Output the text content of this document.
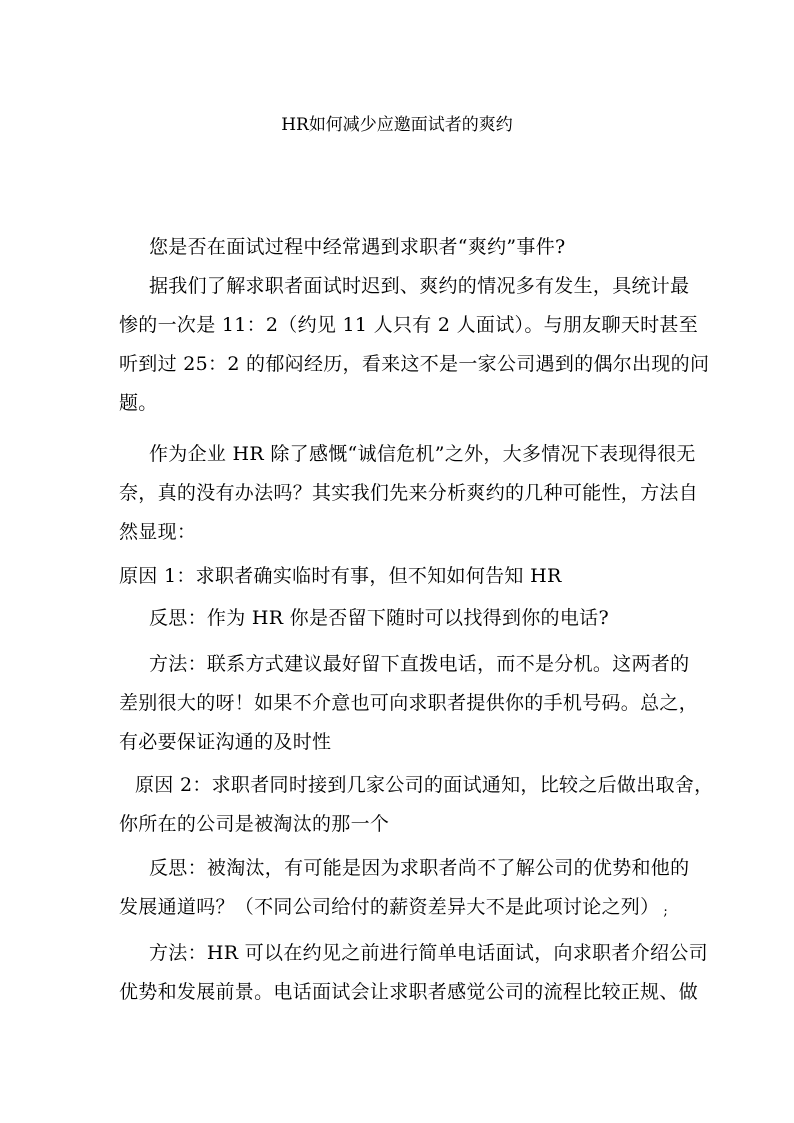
HR如何减少应邀面试者的爽约
您是否在面试过程中经常遇到求职者“爽约”事件?
据我们了解求职者面试时迟到、爽约的情况多有发生，具统计最
惨的一次是 11：2（约见 11 人只有 2 人面试）。与朋友聊天时甚至
听到过 25：2 的郁闷经历，看来这不是一家公司遇到的偶尔出现的问
题。
作为企业 HR 除了感慨“诚信危机”之外，大多情况下表现得很无
奈，真的没有办法吗？其实我们先来分析爽约的几种可能性，方法自
然显现：
原因 1：求职者确实临时有事，但不知如何告知 HR
反思：作为 HR 你是否留下随时可以找得到你的电话?
方法：联系方式建议最好留下直拨电话，而不是分机。这两者的
差别很大的呀！如果不介意也可向求职者提供你的手机号码。总之，
有必要保证沟通的及时性
原因 2：求职者同时接到几家公司的面试通知，比较之后做出取舍，
你所在的公司是被淘汰的那一个
反思：被淘汰，有可能是因为求职者尚不了解公司的优势和他的
发展通道吗？（不同公司给付的薪资差异大不是此项讨论之列） ;
方法：HR 可以在约见之前进行简单电话面试，向求职者介绍公司
优势和发展前景。电话面试会让求职者感觉公司的流程比较正规、做
